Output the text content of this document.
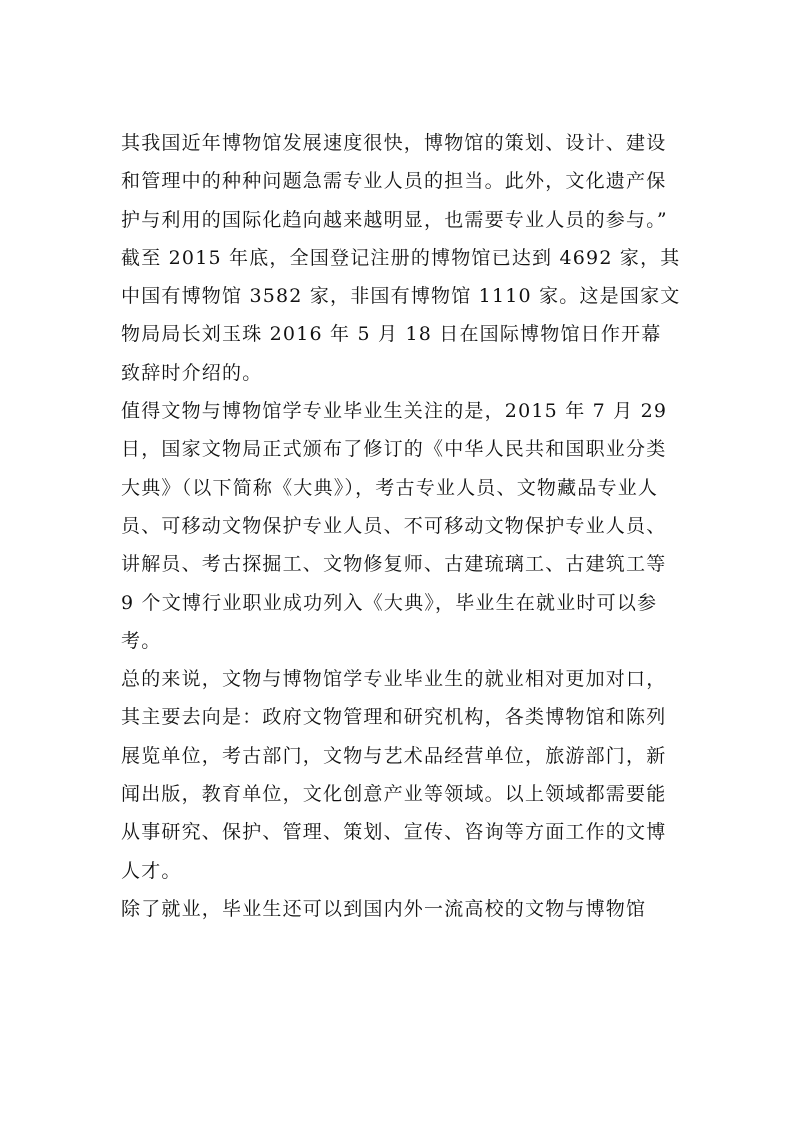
其我国近年博物馆发展速度很快，博物馆的策划、设计、建设和管理中的种种问题急需专业人员的担当。此外，文化遗产保护与利用的国际化趋向越来越明显，也需要专业人员的参与。”

截至 2015 年底，全国登记注册的博物馆已达到 4692 家，其中国有博物馆 3582 家，非国有博物馆 1110 家。这是国家文物局局长刘玉珠 2016 年 5 月 18 日在国际博物馆日作开幕致辞时介绍的。

值得文物与博物馆学专业毕业生关注的是，2015 年 7 月 29 日，国家文物局正式颁布了修订的《中华人民共和国职业分类大典》（以下简称《大典》），考古专业人员、文物藏品专业人员、可移动文物保护专业人员、不可移动文物保护专业人员、讲解员、考古探掘工、文物修复师、古建琉璃工、古建筑工等 9 个文博行业职业成功列入《大典》，毕业生在就业时可以参考。

总的来说，文物与博物馆学专业毕业生的就业相对更加对口，其主要去向是：政府文物管理和研究机构，各类博物馆和陈列展览单位，考古部门，文物与艺术品经营单位，旅游部门，新闻出版，教育单位，文化创意产业等领域。以上领域都需要能从事研究、保护、管理、策划、宣传、咨询等方面工作的文博人才。

除了就业，毕业生还可以到国内外一流高校的文物与博物馆
